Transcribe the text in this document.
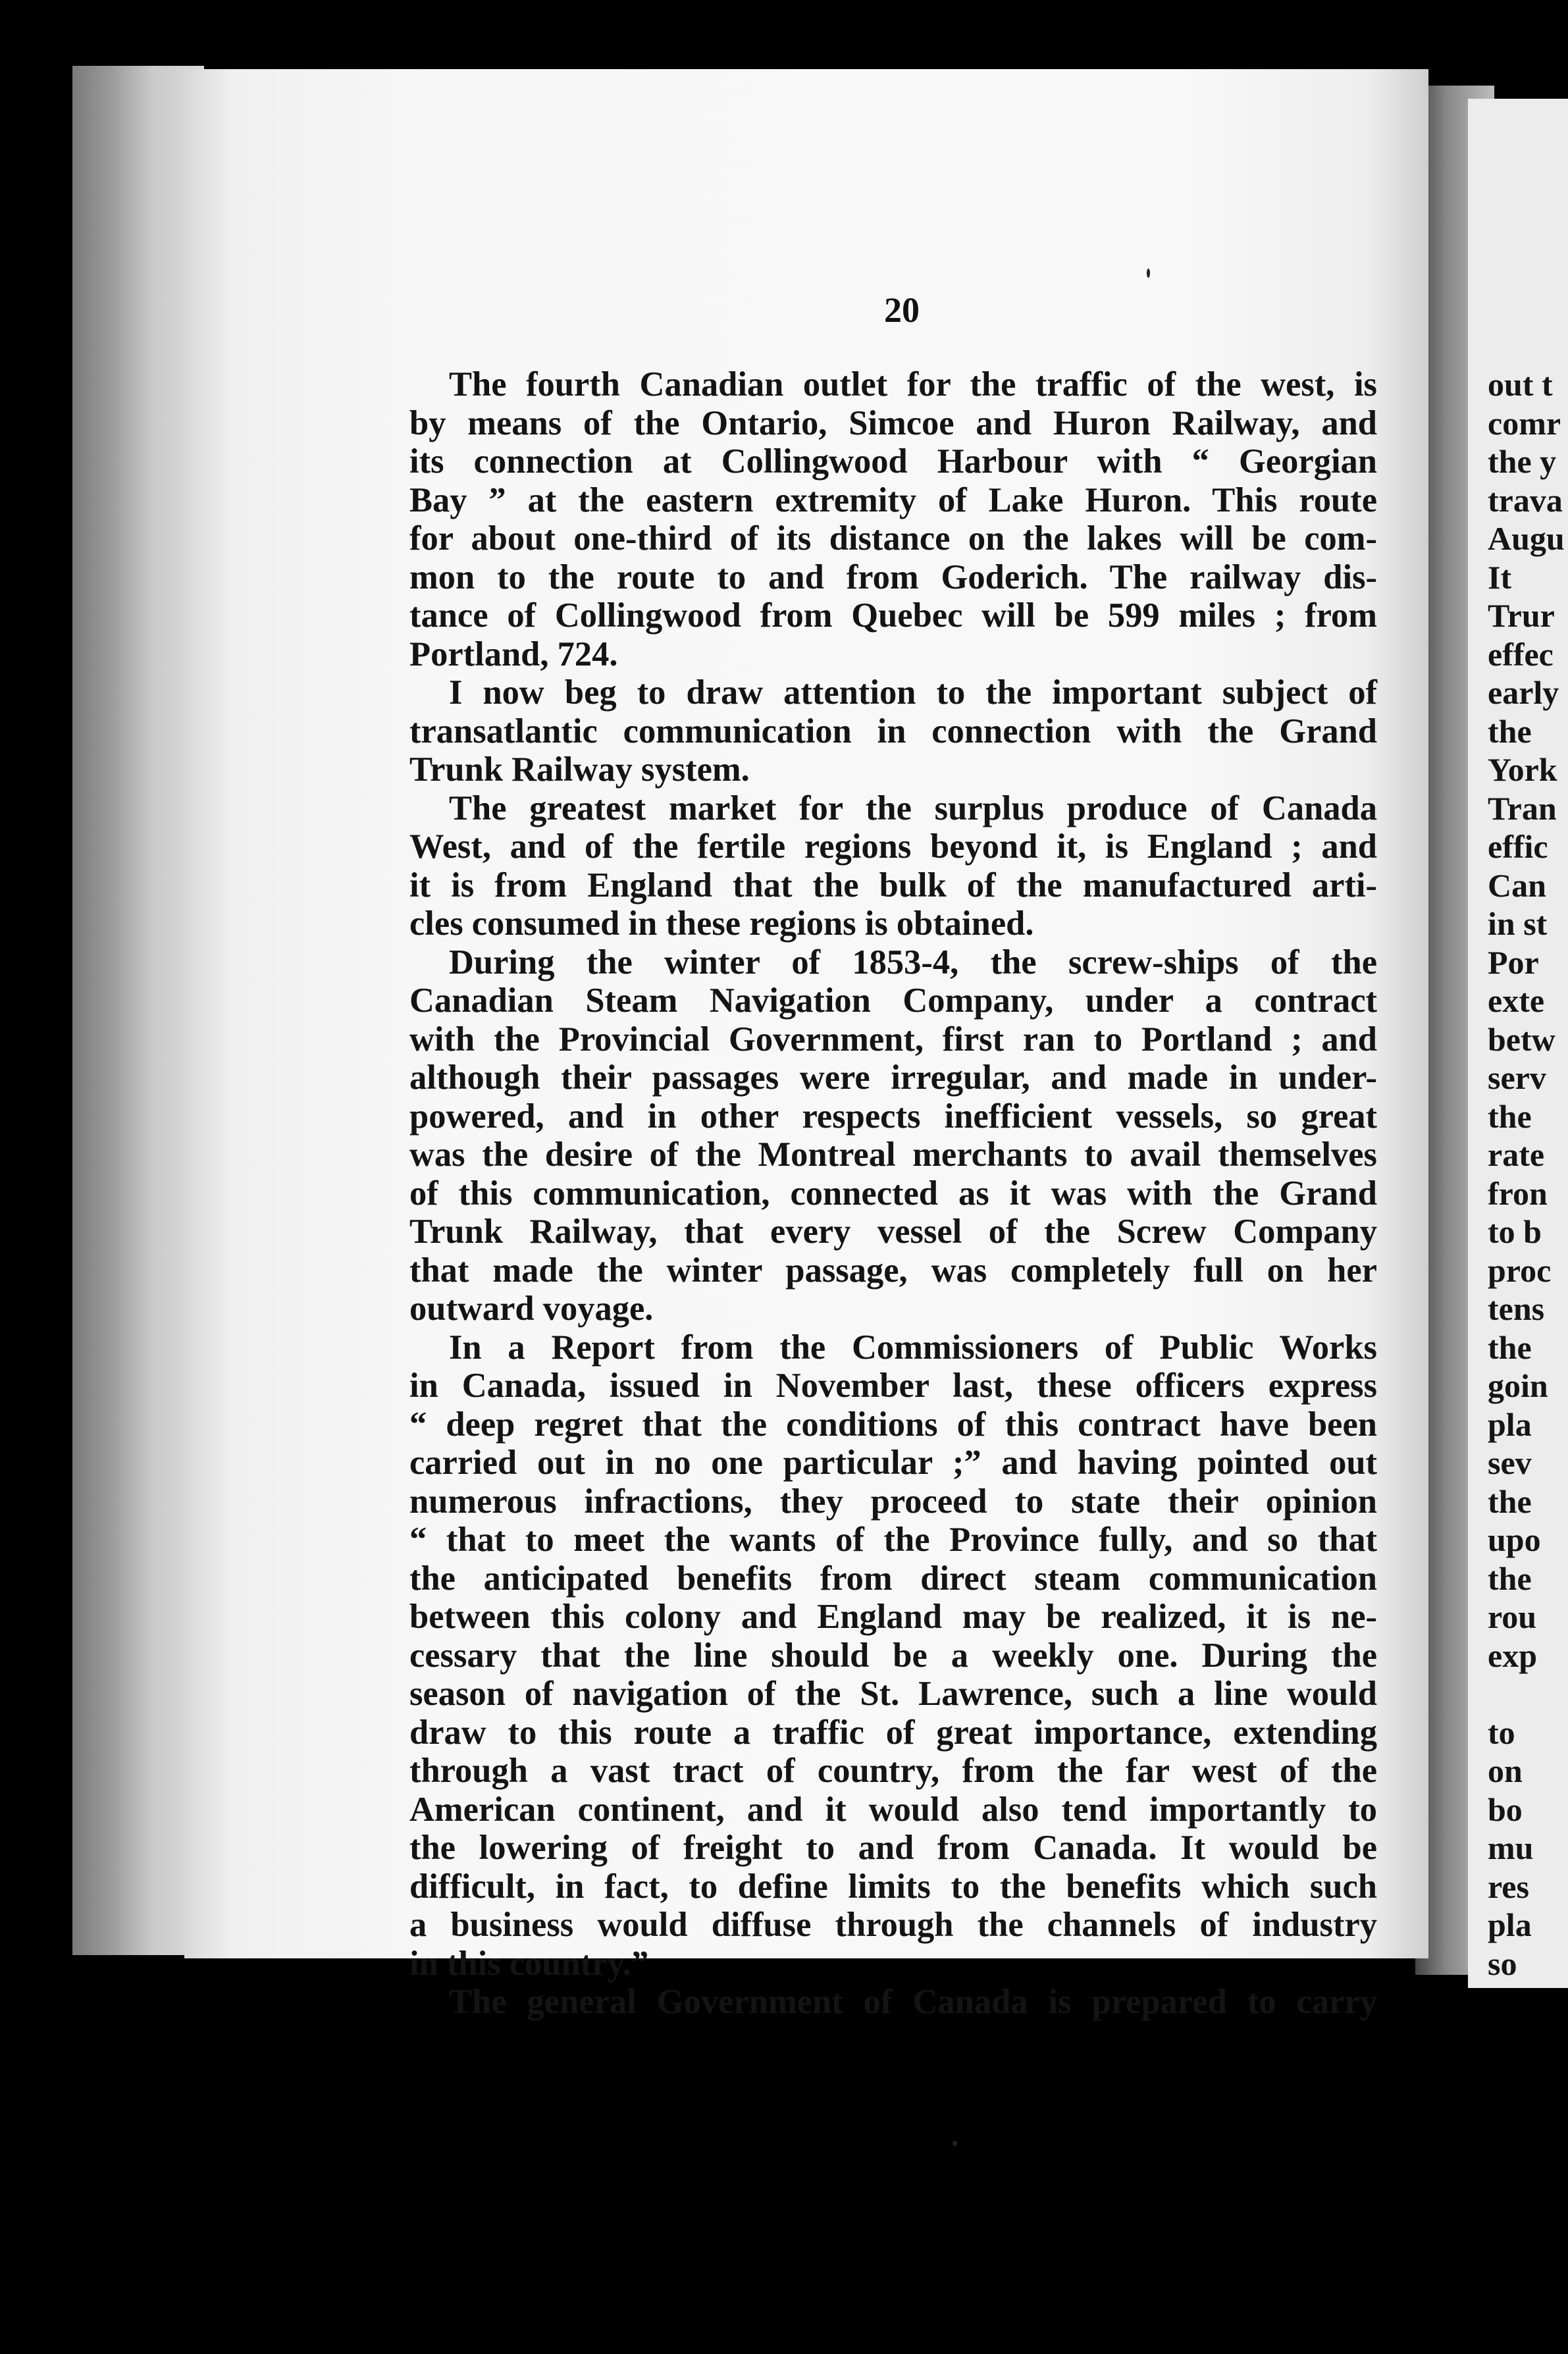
20
The fourth Canadian outlet for the traffic of the west, is
by means of the Ontario, Simcoe and Huron Railway, and
its connection at Collingwood Harbour with “ Georgian
Bay ” at the eastern extremity of Lake Huron. This route
for about one-third of its distance on the lakes will be com-
mon to the route to and from Goderich. The railway dis-
tance of Collingwood from Quebec will be 599 miles ; from
Portland, 724.
I now beg to draw attention to the important subject of
transatlantic communication in connection with the Grand
Trunk Railway system.
The greatest market for the surplus produce of Canada
West, and of the fertile regions beyond it, is England ; and
it is from England that the bulk of the manufactured arti-
cles consumed in these regions is obtained.
During the winter of 1853-4, the screw-ships of the
Canadian Steam Navigation Company, under a contract
with the Provincial Government, first ran to Portland ; and
although their passages were irregular, and made in under-
powered, and in other respects inefficient vessels, so great
was the desire of the Montreal merchants to avail themselves
of this communication, connected as it was with the Grand
Trunk Railway, that every vessel of the Screw Company
that made the winter passage, was completely full on her
outward voyage.
In a Report from the Commissioners of Public Works
in Canada, issued in November last, these officers express
“ deep regret that the conditions of this contract have been
carried out in no one particular ;” and having pointed out
numerous infractions, they proceed to state their opinion
“ that to meet the wants of the Province fully, and so that
the anticipated benefits from direct steam communication
between this colony and England may be realized, it is ne-
cessary that the line should be a weekly one. During the
season of navigation of the St. Lawrence, such a line would
draw to this route a traffic of great importance, extending
through a vast tract of country, from the far west of the
American continent, and it would also tend importantly to
the lowering of freight to and from Canada. It would be
difficult, in fact, to define limits to the benefits which such
a business would diffuse through the channels of industry
in this country.”
The general Government of Canada is prepared to carry
out t
comr
the y
trava
Augu
It
Trur
effec
early
the
York
Tran
effic
Can
in st
Por
exte
betw
serv
the
rate
fron
to b
proc
tens
the
goin
pla
sev
the
upo
the
rou
exp
to
on
bo
mu
res
pla
so
